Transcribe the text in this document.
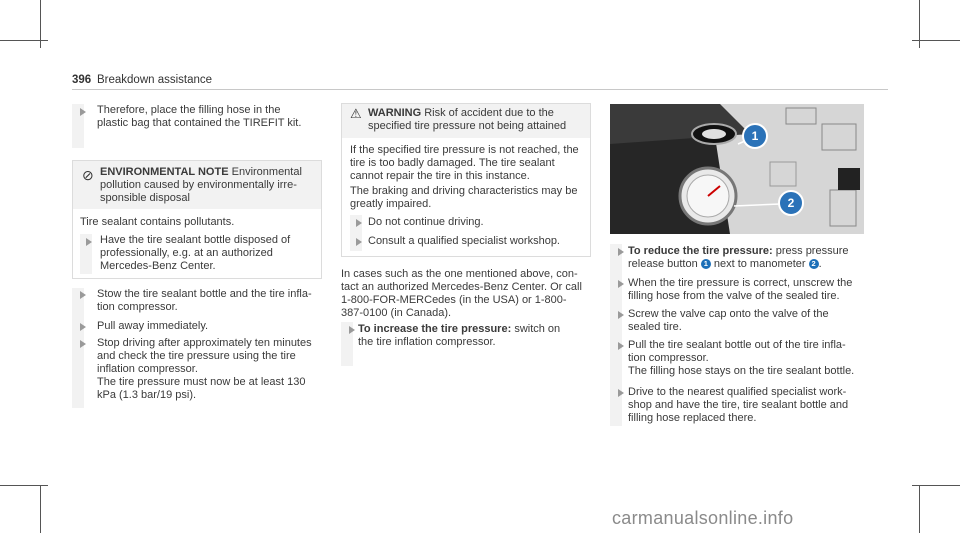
396 Breakdown assistance
Therefore, place the filling hose in the plastic bag that contained the TIREFIT kit.
⊘ ENVIRONMENTAL NOTE Environmental pollution caused by environmentally irre- sponsible disposal
Tire sealant contains pollutants.
Have the tire sealant bottle disposed of professionally, e.g. at an authorized Mercedes-Benz Center.
Stow the tire sealant bottle and the tire infla- tion compressor.
Pull away immediately.
Stop driving after approximately ten minutes and check the tire pressure using the tire inflation compressor.
The tire pressure must now be at least 130 kPa (1.3 bar/19 psi).
⚠ WARNING Risk of accident due to the specified tire pressure not being attained
If the specified tire pressure is not reached, the tire is too badly damaged. The tire sealant cannot repair the tire in this instance.
The braking and driving characteristics may be greatly impaired.
Do not continue driving.
Consult a qualified specialist workshop.
In cases such as the one mentioned above, con- tact an authorized Mercedes-Benz Center. Or call 1-800-FOR-MERCedes (in the USA) or 1-800-387-0100 (in Canada).
To increase the tire pressure: switch on the tire inflation compressor.
1
2
To reduce the tire pressure: press pressure release button 1 next to manometer 2 .
When the tire pressure is correct, unscrew the filling hose from the valve of the sealed tire.
Screw the valve cap onto the valve of the sealed tire.
Pull the tire sealant bottle out of the tire infla- tion compressor.
The filling hose stays on the tire sealant bottle.
Drive to the nearest qualified specialist work- shop and have the tire, tire sealant bottle and filling hose replaced there.
carmanualsonline.info
